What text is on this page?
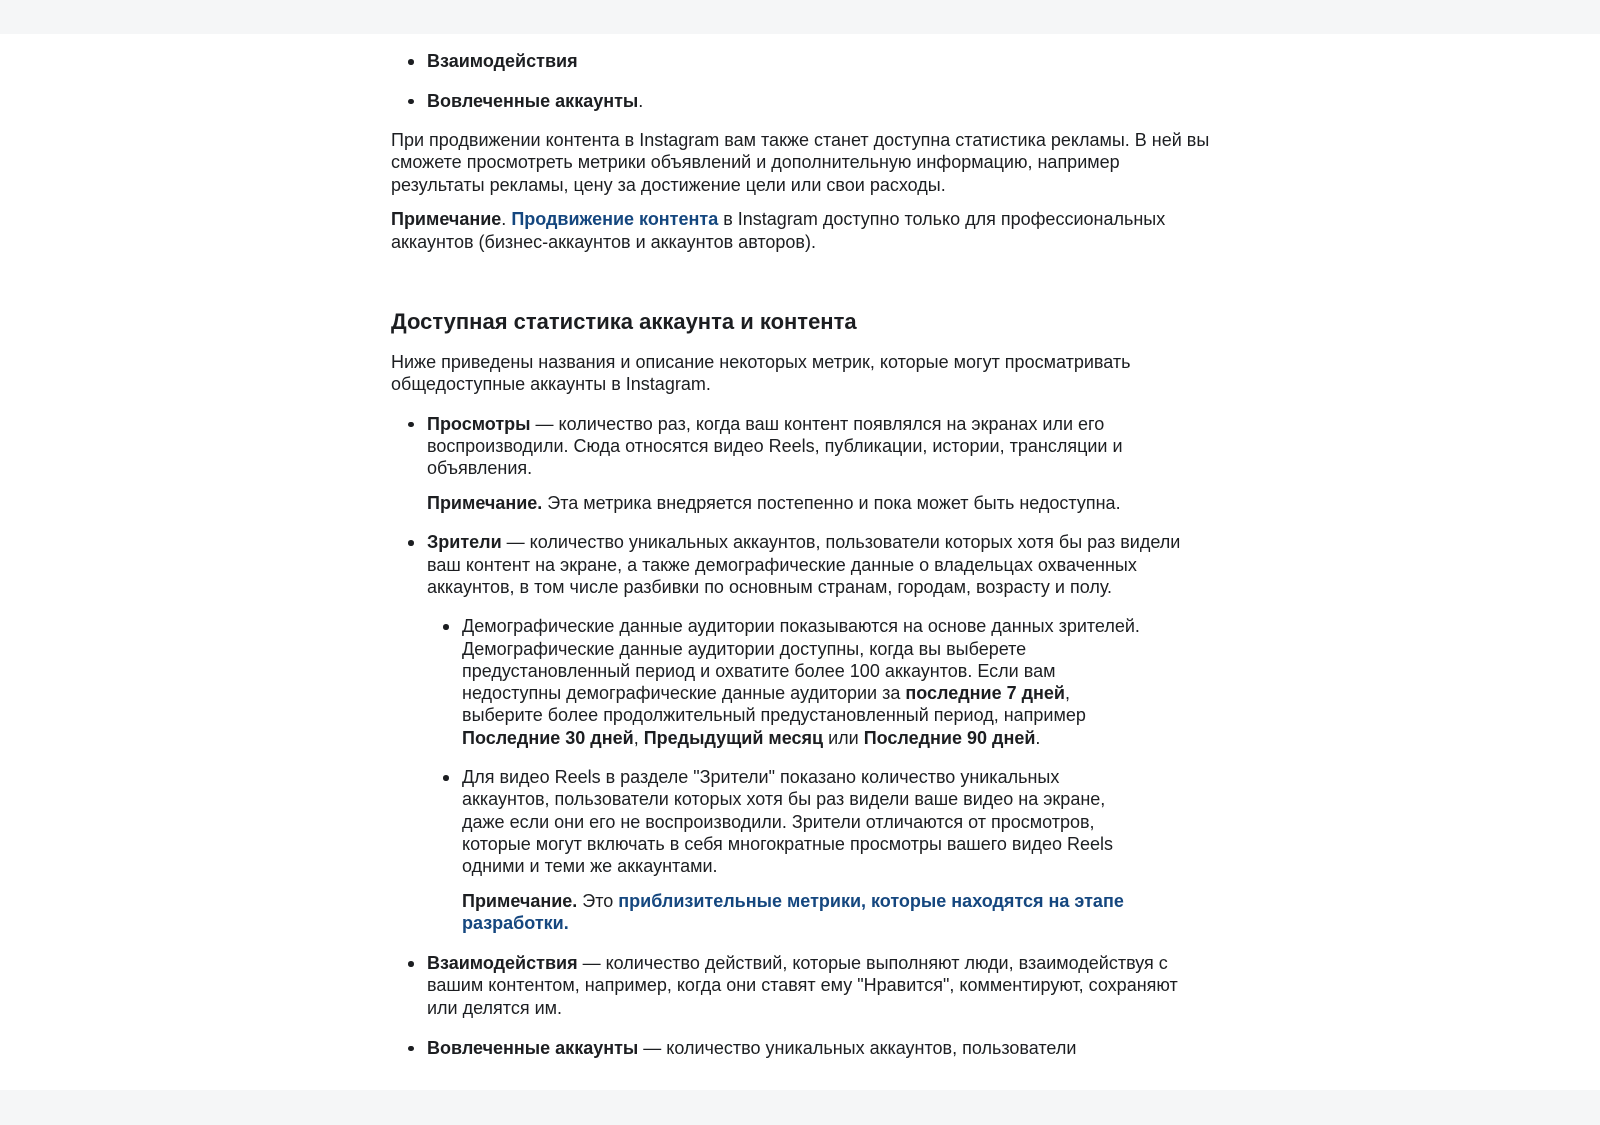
Взаимодействия
Вовлеченные аккаунты.

При продвижении контента в Instagram вам также станет доступна статистика рекламы. В ней вы сможете просмотреть метрики объявлений и дополнительную информацию, например результаты рекламы, цену за достижение цели или свои расходы.

Примечание. Продвижение контента в Instagram доступно только для профессиональных аккаунтов (бизнес-аккаунтов и аккаунтов авторов).

Доступная статистика аккаунта и контента

Ниже приведены названия и описание некоторых метрик, которые могут просматривать общедоступные аккаунты в Instagram.

Просмотры — количество раз, когда ваш контент появлялся на экранах или его воспроизводили. Сюда относятся видео Reels, публикации, истории, трансляции и объявления.

Примечание. Эта метрика внедряется постепенно и пока может быть недоступна.

Зрители — количество уникальных аккаунтов, пользователи которых хотя бы раз видели ваш контент на экране, а также демографические данные о владельцах охваченных аккаунтов, в том числе разбивки по основным странам, городам, возрасту и полу.
Демографические данные аудитории показываются на основе данных зрителей. Демографические данные аудитории доступны, когда вы выберете предустановленный период и охватите более 100 аккаунтов. Если вам недоступны демографические данные аудитории за последние 7 дней, выберите более продолжительный предустановленный период, например Последние 30 дней, Предыдущий месяц или Последние 90 дней.
Для видео Reels в разделе "Зрители" показано количество уникальных аккаунтов, пользователи которых хотя бы раз видели ваше видео на экране, даже если они его не воспроизводили. Зрители отличаются от просмотров, которые могут включать в себя многократные просмотры вашего видео Reels одними и теми же аккаунтами.

Примечание. Это приблизительные метрики, которые находятся на этапе разработки.

Взаимодействия — количество действий, которые выполняют люди, взаимодействуя с вашим контентом, например, когда они ставят ему "Нравится", комментируют, сохраняют или делятся им.
Вовлеченные аккаунты — количество уникальных аккаунтов, пользователи
